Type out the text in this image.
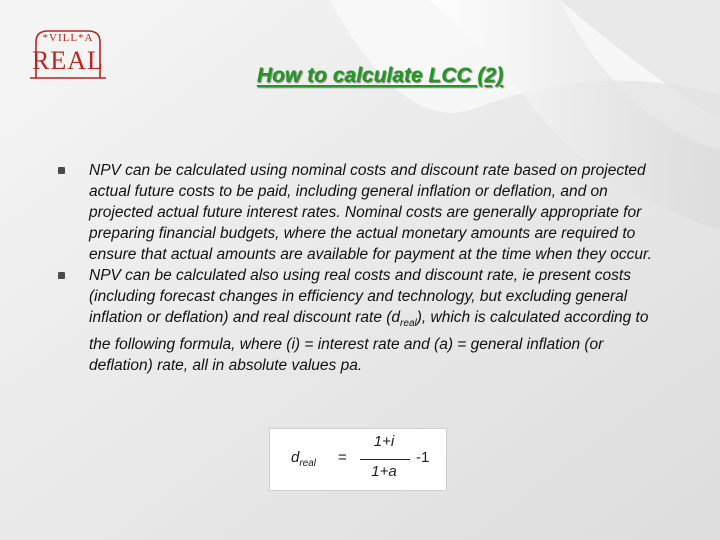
*VILL*A
REAL
How to calculate LCC (2)
NPV can be calculated using nominal costs and discount rate based on projected actual future costs to be paid, including general inflation or deflation, and on projected actual future interest rates. Nominal costs are generally appropriate for preparing financial budgets, where the actual monetary amounts are required to ensure that actual amounts are available for payment at the time when they occur.
NPV can be calculated also using real costs and discount rate, ie present costs (including forecast changes in efficiency and technology, but excluding general inflation or deflation) and real discount rate $(d_{real})$, which is calculated according to the following formula, where (i) = interest rate and (a) = general inflation (or deflation) rate, all in absolute values pa.
$d_{real}$ =
1+i
1+a
-1
